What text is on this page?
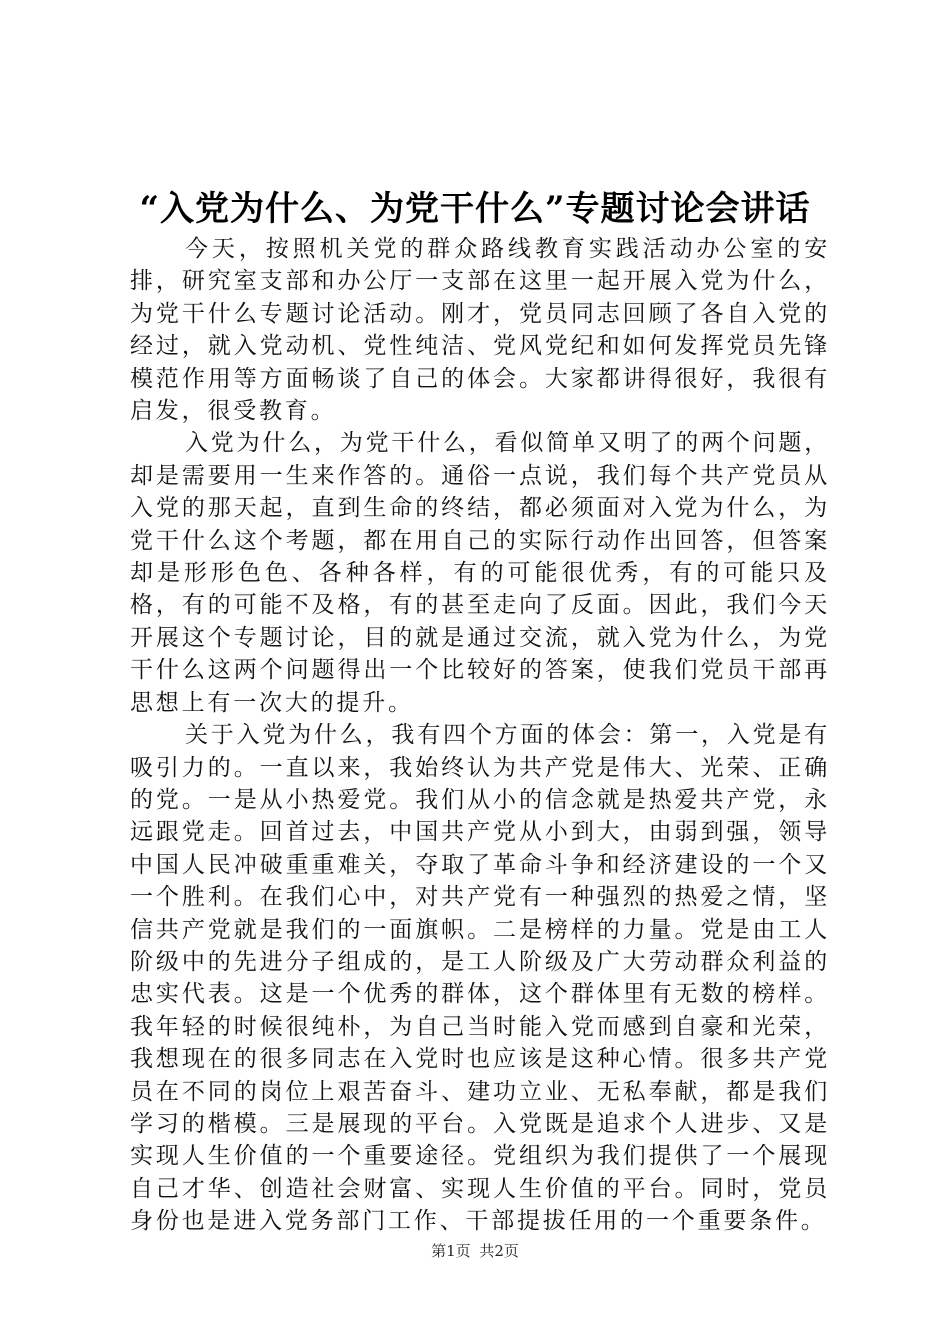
“入党为什么、为党干什么”专题讨论会讲话

今天，按照机关党的群众路线教育实践活动办公室的安排，研究室支部和办公厅一支部在这里一起开展入党为什么，为党干什么专题讨论活动。刚才，党员同志回顾了各自入党的经过，就入党动机、党性纯洁、党风党纪和如何发挥党员先锋模范作用等方面畅谈了自己的体会。大家都讲得很好，我很有启发，很受教育。

入党为什么，为党干什么，看似简单又明了的两个问题，却是需要用一生来作答的。通俗一点说，我们每个共产党员从入党的那天起，直到生命的终结，都必须面对入党为什么，为党干什么这个考题，都在用自己的实际行动作出回答，但答案却是形形色色、各种各样，有的可能很优秀，有的可能只及格，有的可能不及格，有的甚至走向了反面。因此，我们今天开展这个专题讨论，目的就是通过交流，就入党为什么，为党干什么这两个问题得出一个比较好的答案，使我们党员干部再思想上有一次大的提升。

关于入党为什么，我有四个方面的体会：第一，入党是有吸引力的。一直以来，我始终认为共产党是伟大、光荣、正确的党。一是从小热爱党。我们从小的信念就是热爱共产党，永远跟党走。回首过去，中国共产党从小到大，由弱到强，领导中国人民冲破重重难关，夺取了革命斗争和经济建设的一个又一个胜利。在我们心中，对共产党有一种强烈的热爱之情，坚信共产党就是我们的一面旗帜。二是榜样的力量。党是由工人阶级中的先进分子组成的，是工人阶级及广大劳动群众利益的忠实代表。这是一个优秀的群体，这个群体里有无数的榜样。我年轻的时候很纯朴，为自己当时能入党而感到自豪和光荣，我想现在的很多同志在入党时也应该是这种心情。很多共产党员在不同的岗位上艰苦奋斗、建功立业、无私奉献，都是我们学习的楷模。三是展现的平台。入党既是追求个人进步、又是实现人生价值的一个重要途径。党组织为我们提供了一个展现自己才华、创造社会财富、实现人生价值的平台。同时，党员身份也是进入党务部门工作、干部提拔任用的一个重要条件。

第1页 共2页
